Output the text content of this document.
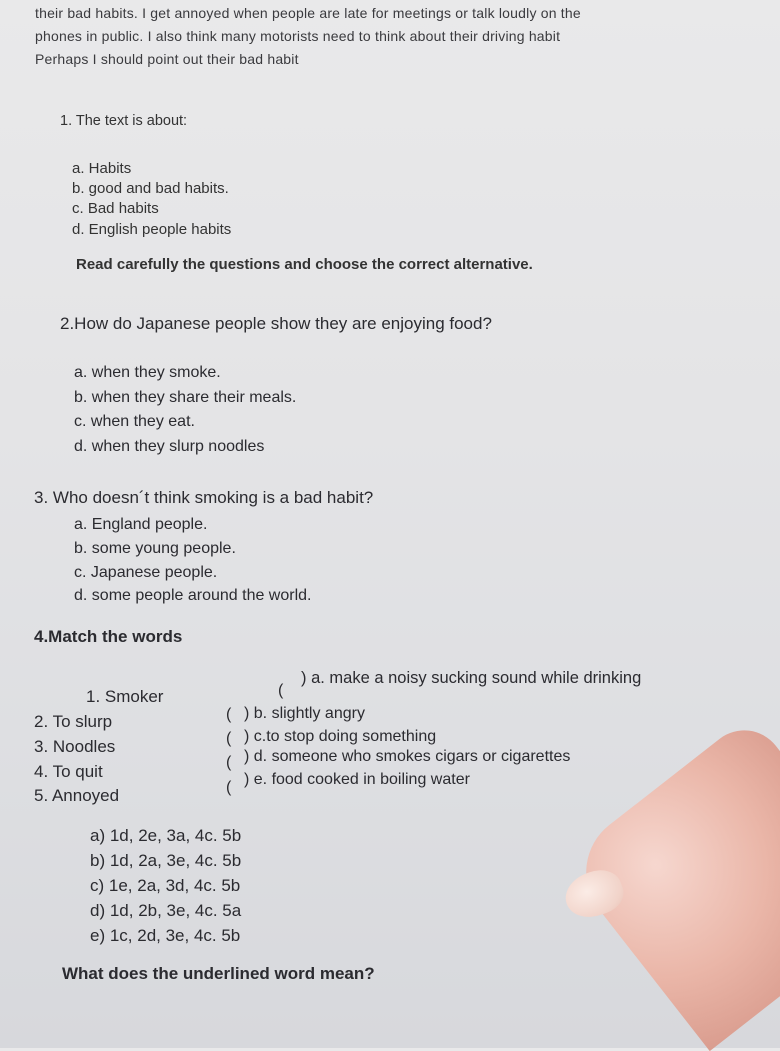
their bad habits. I get annoyed when people are late for meetings or talk loudly on the

phones in public. I also think many motorists need to think about their driving habit

Perhaps I should point out their bad habit

1. The text is about:

a. Habits

b. good and bad habits.

c. Bad habits

d. English people habits

Read carefully the questions and choose the correct alternative.

2.How do Japanese people show they are enjoying food?

a. when they smoke.

b. when they share their meals.

c. when they eat.

d. when they slurp noodles

3. Who doesn´t think smoking is a bad habit?

a. England people.

b. some young people.

c. Japanese people.

d. some people around the world.

4.Match the words

1. Smoker

2. To slurp

3. Noodles

4. To quit

5. Annoyed

(
(
(
(
(

) a. make a noisy sucking sound while drinking

) b. slightly angry

) c.to stop doing something

) d. someone who smokes cigars or cigarettes

) e. food cooked in boiling water

a) 1d, 2e, 3a, 4c. 5b

b) 1d, 2a, 3e, 4c. 5b

c) 1e, 2a, 3d, 4c. 5b

d) 1d, 2b, 3e, 4c. 5a

e) 1c, 2d, 3e, 4c. 5b

What does the underlined word mean?
